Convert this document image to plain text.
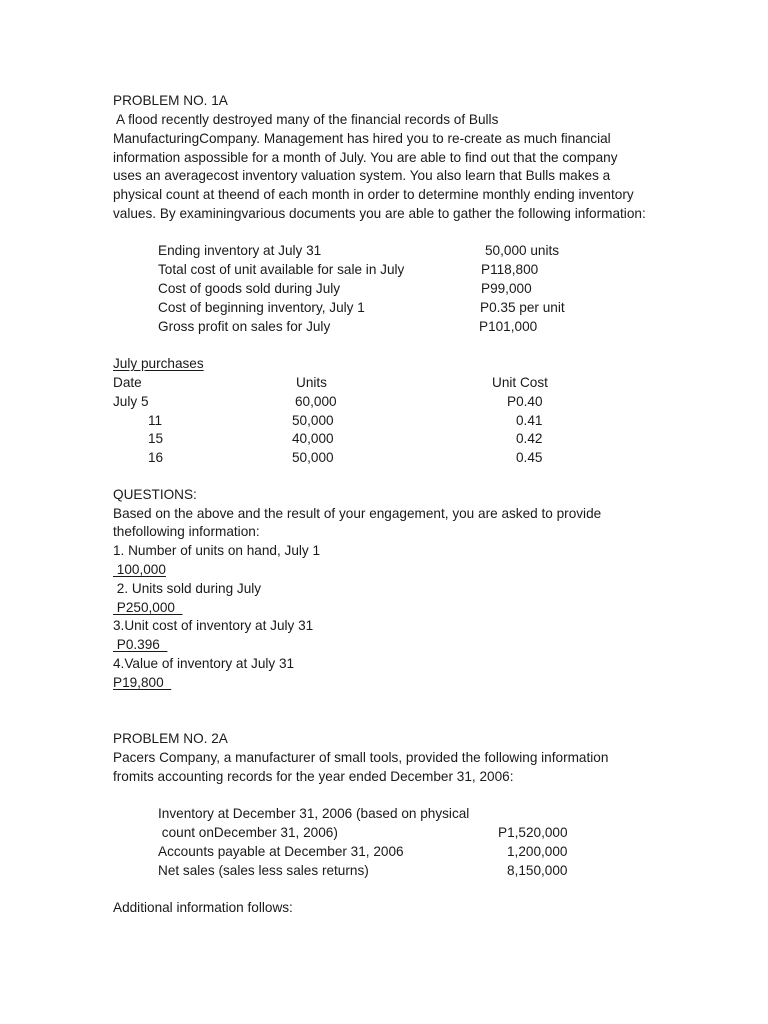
PROBLEM NO. 1A
A flood recently destroyed many of the financial records of Bulls
ManufacturingCompany. Management has hired you to re-create as much financial
information aspossible for a month of July. You are able to find out that the company
uses an averagecost inventory valuation system. You also learn that Bulls makes a
physical count at theend of each month in order to determine monthly ending inventory
values. By examiningvarious documents you are able to gather the following information:
Ending inventory at July 31	50,000 units
Total cost of unit available for sale in July	P118,800
Cost of goods sold during July	P99,000
Cost of beginning inventory, July 1	P0.35 per unit
Gross profit on sales for July	P101,000
July purchases
Date	Units	Unit Cost
July 5	60,000	P0.40
11	50,000	0.41
15	40,000	0.42
16	50,000	0.45
QUESTIONS:
Based on the above and the result of your engagement, you are asked to provide
thefollowing information:
1. Number of units on hand, July 1
100,000
2. Units sold during July
P250,000
3.Unit cost of inventory at July 31
P0.396
4.Value of inventory at July 31
P19,800
PROBLEM NO. 2A
Pacers Company, a manufacturer of small tools, provided the following information
fromits accounting records for the year ended December 31, 2006:
Inventory at December 31, 2006 (based on physical
count onDecember 31, 2006)	P1,520,000
Accounts payable at December 31, 2006	1,200,000
Net sales (sales less sales returns)	8,150,000
Additional information follows:
